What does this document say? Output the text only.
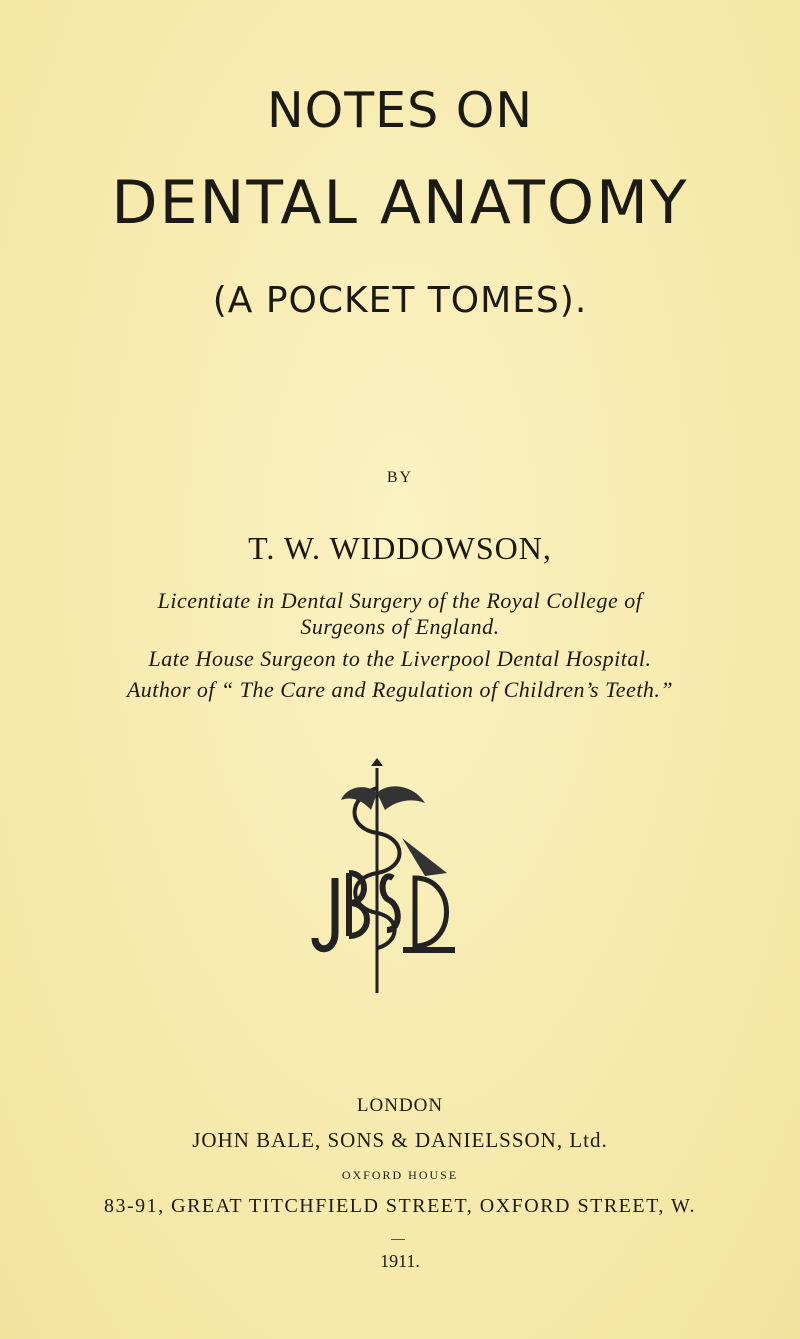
NOTES ON
DENTAL ANATOMY
(A POCKET TOMES).
BY
T. W. WIDDOWSON,
Licentiate in Dental Surgery of the Royal College of
Surgeons of England.
Late House Surgeon to the Liverpool Dental Hospital.
Author of “ The Care and Regulation of Children’s Teeth.”
LONDON
JOHN BALE, SONS & DANIELSSON, Ltd.
OXFORD HOUSE
83-91, GREAT TITCHFIELD STREET, OXFORD STREET, W.
1911.
